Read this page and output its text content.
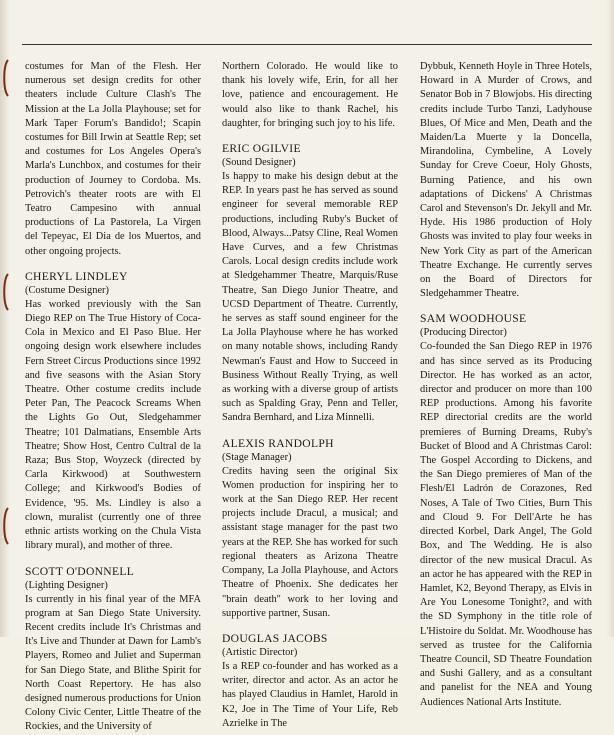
costumes for Man of the Flesh. Her numerous set design credits for other theaters include Culture Clash's The Mission at the La Jolla Playhouse; set for Mark Taper Forum's Bandido!; Scapin costumes for Bill Irwin at Seattle Rep; set and costumes for Los Angeles Opera's Marla's Lunchbox, and costumes for their production of Journey to Cordoba. Ms. Petrovich's theater roots are with El Teatro Campesino with annual productions of La Pastorela, La Virgen del Tepeyac, El Dia de los Muertos, and other ongoing projects.

CHERYL LINDLEY

(Costume Designer)

Has worked previously with the San Diego REP on The True History of Coca-Cola in Mexico and El Paso Blue. Her ongoing design work elsewhere includes Fern Street Circus Productions since 1992 and five seasons with the Asian Story Theatre. Other costume credits include Peter Pan, The Peacock Screams When the Lights Go Out, Sledgehammer Theatre; 101 Dalmatians, Ensemble Arts Theatre; Show Host, Centro Cultral de la Raza; Bus Stop, Woyzeck (directed by Carla Kirkwood) at Southwestern College; and Kirkwood's Bodies of Evidence, '95. Ms. Lindley is also a clown, muralist (currently one of three ethnic artists working on the Chula Vista library mural), and mother of three.

SCOTT O'DONNELL

(Lighting Designer)

Is currently in his final year of the MFA program at San Diego State University. Recent credits include It's Christmas and It's Live and Thunder at Dawn for Lamb's Players, Romeo and Juliet and Superman for San Diego State, and Blithe Spirit for North Coast Repertory. He has also designed numerous productions for Union Colony Civic Center, Little Theatre of the Rockies, and the University of

Northern Colorado. He would like to thank his lovely wife, Erin, for all her love, patience and encouragement. He would also like to thank Rachel, his daughter, for bringing such joy to his life.

ERIC OGILVIE

(Sound Designer)

Is happy to make his design debut at the REP. In years past he has served as sound engineer for several memorable REP productions, including Ruby's Bucket of Blood, Always...Patsy Cline, Real Women Have Curves, and a few Christmas Carols. Local design credits include work at Sledgehammer Theatre, Marquis/Ruse Theatre, San Diego Junior Theatre, and UCSD Department of Theatre. Currently, he serves as staff sound engineer for the La Jolla Playhouse where he has worked on many notable shows, including Randy Newman's Faust and How to Succeed in Business Without Really Trying, as well as working with a diverse group of artists such as Spalding Gray, Penn and Teller, Sandra Bernhard, and Liza Minnelli.

ALEXIS RANDOLPH

(Stage Manager)

Credits having seen the original Six Women production for inspiring her to work at the San Diego REP. Her recent projects include Dracul, a musical; and assistant stage manager for the past two years at the REP. She has worked for such regional theaters as Arizona Theatre Company, La Jolla Playhouse, and Actors Theatre of Phoenix. She dedicates her "brain death" work to her loving and supportive partner, Susan.

DOUGLAS JACOBS

(Artistic Director)

Is a REP co-founder and has worked as a writer, director and actor. As an actor he has played Claudius in Hamlet, Harold in K2, Joe in The Time of Your Life, Reb Azrielke in The

Dybbuk, Kenneth Hoyle in Three Hotels, Howard in A Murder of Crows, and Senator Bob in 7 Blowjobs. His directing credits include Turbo Tanzi, Ladyhouse Blues, Of Mice and Men, Death and the Maiden/La Muerte y la Doncella, Mirandolina, Cymbeline, A Lovely Sunday for Creve Coeur, Holy Ghosts, Burning Patience, and his own adaptations of Dickens' A Christmas Carol and Stevenson's Dr. Jekyll and Mr. Hyde. His 1986 production of Holy Ghosts was invited to play four weeks in New York City as part of the American Theatre Exchange. He currently serves on the Board of Directors for Sledgehammer Theatre.

SAM WOODHOUSE

(Producing Director)

Co-founded the San Diego REP in 1976 and has since served as its Producing Director. He has worked as an actor, director and producer on more than 100 REP productions. Among his favorite REP directorial credits are the world premieres of Burning Dreams, Ruby's Bucket of Blood and A Christmas Carol: The Gospel According to Dickens, and the San Diego premieres of Man of the Flesh/El Ladrón de Corazones, Red Noses, A Tale of Two Cities, Burn This and Cloud 9. For Dell'Arte he has directed Korbel, Dark Angel, The Gold Box, and The Wedding. He is also director of the new musical Dracul. As an actor he has appeared with the REP in Hamlet, K2, Beyond Therapy, as Elvis in Are You Lonesome Tonight?, and with the SD Symphony in the title role of L'Histoire du Soldat. Mr. Woodhouse has served as trustee for the California Theatre Council, SD Theatre Foundation and Sushi Gallery, and as a consultant and panelist for the NEA and Young Audiences National Arts Institute.
